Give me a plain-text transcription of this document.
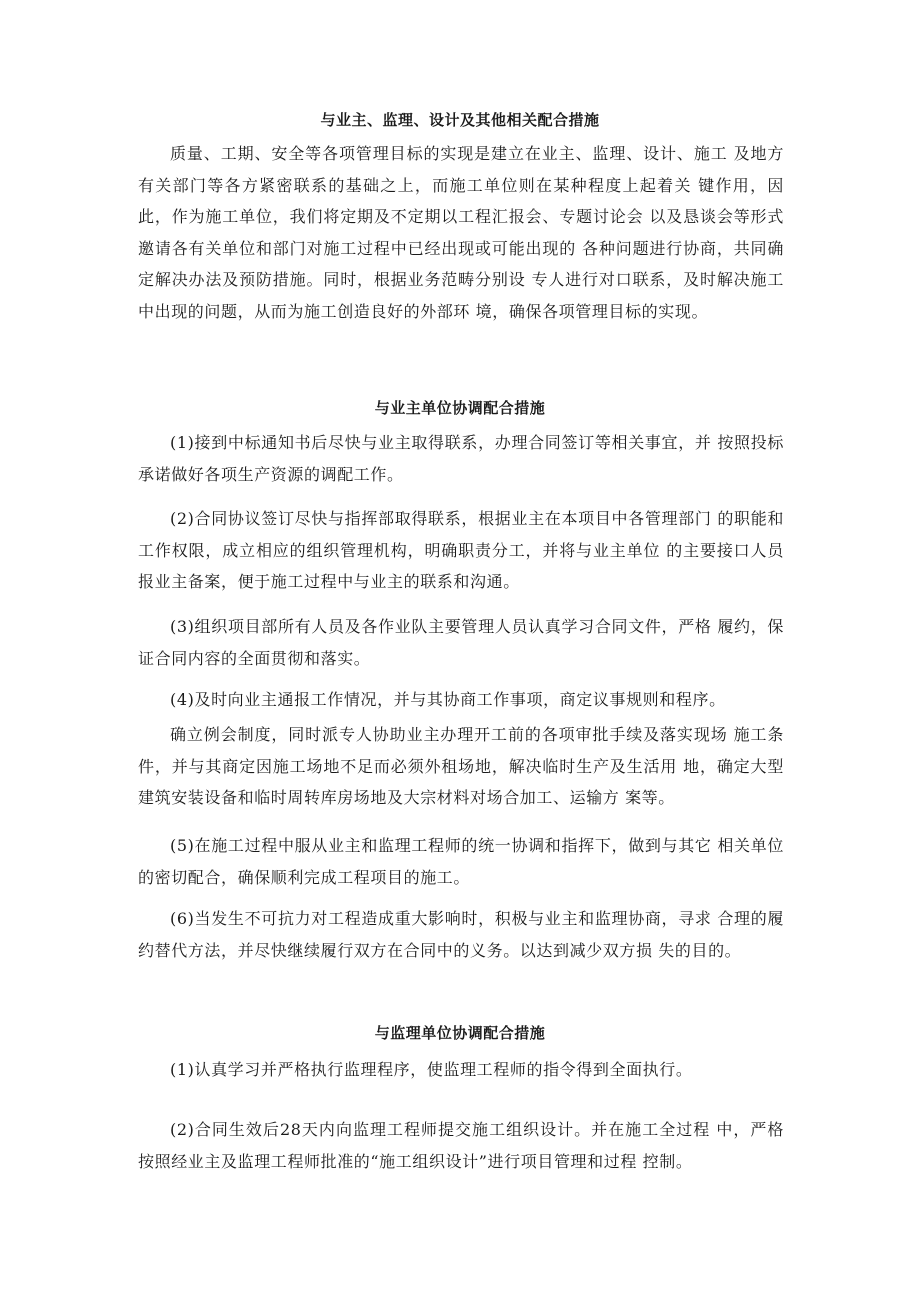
与业主、监理、设计及其他相关配合措施

质量、工期、安全等各项管理目标的实现是建立在业主、监理、设计、施工 及地方有关部门等各方紧密联系的基础之上，而施工单位则在某种程度上起着关 键作用，因此，作为施工单位，我们将定期及不定期以工程汇报会、专题讨论会 以及恳谈会等形式邀请各有关单位和部门对施工过程中已经出现或可能出现的 各种问题进行协商，共同确定解决办法及预防措施。同时，根据业务范畴分别设 专人进行对口联系，及时解决施工中出现的问题，从而为施工创造良好的外部环 境，确保各项管理目标的实现。

与业主单位协调配合措施

(1)接到中标通知书后尽快与业主取得联系，办理合同签订等相关事宜，并 按照投标承诺做好各项生产资源的调配工作。

(2)合同协议签订尽快与指挥部取得联系，根据业主在本项目中各管理部门 的职能和工作权限，成立相应的组织管理机构，明确职责分工，并将与业主单位 的主要接口人员报业主备案，便于施工过程中与业主的联系和沟通。

(3)组织项目部所有人员及各作业队主要管理人员认真学习合同文件，严格 履约，保证合同内容的全面贯彻和落实。

(4)及时向业主通报工作情况，并与其协商工作事项，商定议事规则和程序。

确立例会制度，同时派专人协助业主办理开工前的各项审批手续及落实现场 施工条件，并与其商定因施工场地不足而必须外租场地，解决临时生产及生活用 地，确定大型建筑安装设备和临时周转库房场地及大宗材料对场合加工、运输方 案等。

(5)在施工过程中服从业主和监理工程师的统一协调和指挥下，做到与其它 相关单位的密切配合，确保顺利完成工程项目的施工。

(6)当发生不可抗力对工程造成重大影响时，积极与业主和监理协商，寻求 合理的履约替代方法，并尽快继续履行双方在合同中的义务。以达到减少双方损 失的目的。

与监理单位协调配合措施

(1)认真学习并严格执行监理程序，使监理工程师的指令得到全面执行。

(2)合同生效后28天内向监理工程师提交施工组织设计。并在施工全过程 中，严格按照经业主及监理工程师批准的“施工组织设计”进行项目管理和过程 控制。
